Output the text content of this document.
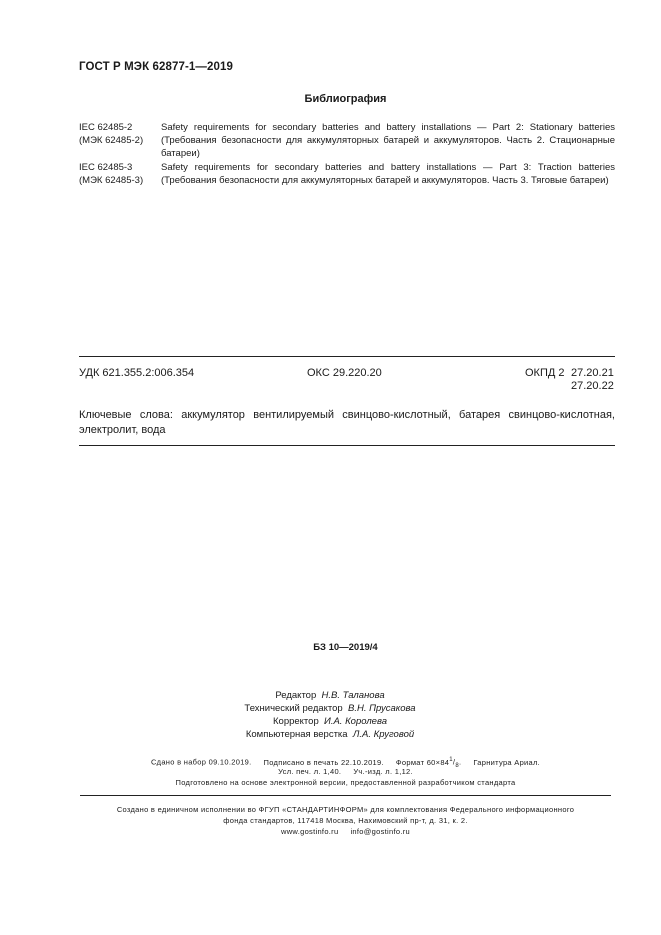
ГОСТ Р МЭК 62877-1—2019
Библиография
IEC 62485-2
(МЭК 62485-2)
Safety requirements for secondary batteries and battery installations — Part 2: Stationary batteries (Требования безопасности для аккумуляторных батарей и аккумуляторов. Часть 2. Стационарные батареи)
IEC 62485-3
(МЭК 62485-3)
Safety requirements for secondary batteries and battery installations — Part 3: Traction batteries (Требования безопасности для аккумуляторных батарей и аккумуляторов. Часть 3. Тяговые батареи)
УДК 621.355.2:006.354	ОКС 29.220.20	ОКПД 2 27.20.21
27.20.22
Ключевые слова: аккумулятор вентилируемый свинцово-кислотный, батарея свинцово-кислотная, электролит, вода
БЗ 10—2019/4
Редактор Н.В. Таланова
Технический редактор В.Н. Прусакова
Корректор И.А. Королева
Компьютерная верстка Л.А. Круговой
Сдано в набор 09.10.2019. Подписано в печать 22.10.2019. Формат $60\times 84^1/_8$. Гарнитура Ариал.
Усл. печ. л. 1,40. Уч.-изд. л. 1,12.
Подготовлено на основе электронной версии, предоставленной разработчиком стандарта
Создано в единичном исполнении во ФГУП «СТАНДАРТИНФОРМ» для комплектования Федерального информационного
фонда стандартов, 117418 Москва, Нахимовский пр-т, д. 31, к. 2.
www.gostinfo.ru info@gostinfo.ru
